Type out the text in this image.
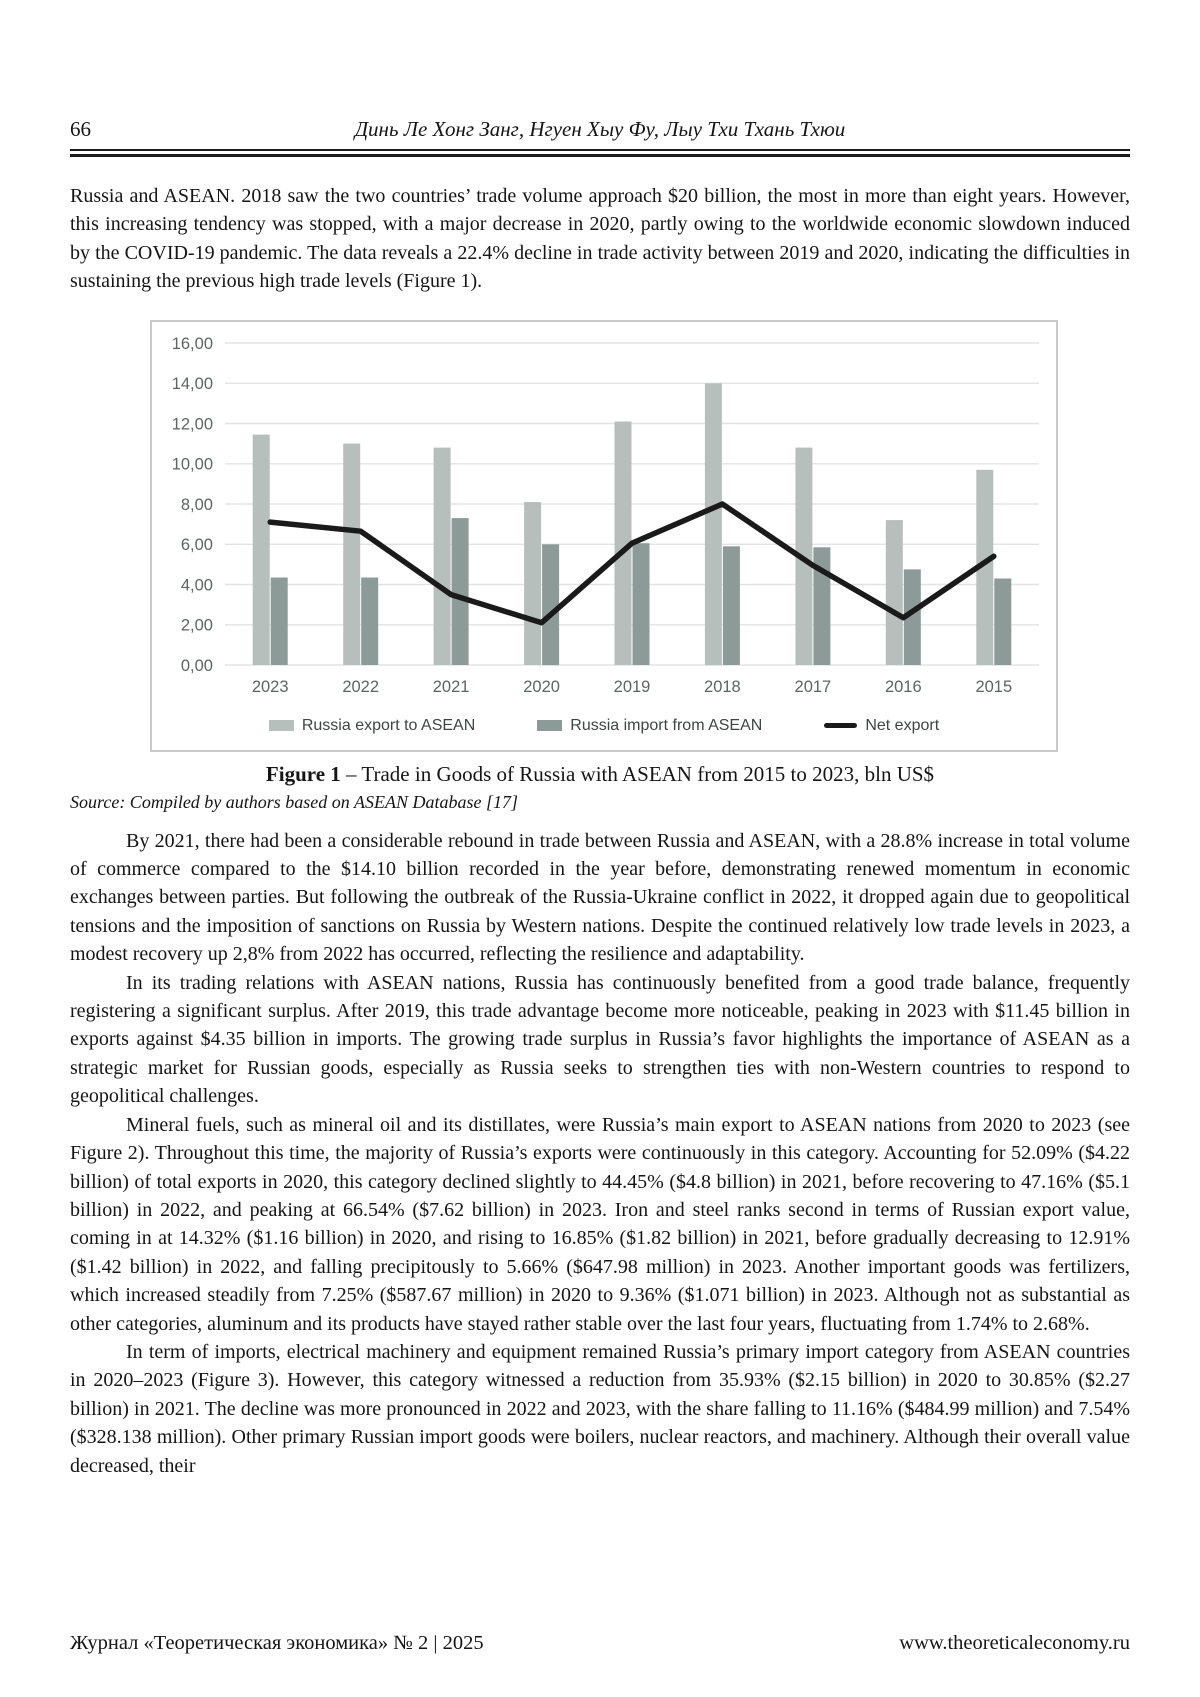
66	Динь Ле Хонг Занг, Нгуен Хыу Фу, Лыу Тхи Тхань Тхюи

Russia and ASEAN. 2018 saw the two countries’ trade volume approach $20 billion, the most in more than eight years. However, this increasing tendency was stopped, with a major decrease in 2020, partly owing to the worldwide economic slowdown induced by the COVID-19 pandemic. The data reveals a 22.4% decline in trade activity between 2019 and 2020, indicating the difficulties in sustaining the previous high trade levels (Figure 1).

0,00
2,00
4,00
6,00
8,00
10,00
12,00
14,00
16,00
2023	2022	2021	2020	2019	2018	2017	2016	2015
Russia export to ASEAN	Russia import from ASEAN	Net export
Figure 1 – Trade in Goods of Russia with ASEAN from 2015 to 2023, bln US$
Source: Compiled by authors based on ASEAN Database [17]

By 2021, there had been a considerable rebound in trade between Russia and ASEAN, with a 28.8% increase in total volume of commerce compared to the $14.10 billion recorded in the year before, demonstrating renewed momentum in economic exchanges between parties. But following the outbreak of the Russia-Ukraine conflict in 2022, it dropped again due to geopolitical tensions and the imposition of sanctions on Russia by Western nations. Despite the continued relatively low trade levels in 2023, a modest recovery up 2,8% from 2022 has occurred, reflecting the resilience and adaptability.

In its trading relations with ASEAN nations, Russia has continuously benefited from a good trade balance, frequently registering a significant surplus. After 2019, this trade advantage become more noticeable, peaking in 2023 with $11.45 billion in exports against $4.35 billion in imports. The growing trade surplus in Russia’s favor highlights the importance of ASEAN as a strategic market for Russian goods, especially as Russia seeks to strengthen ties with non-Western countries to respond to geopolitical challenges.

Mineral fuels, such as mineral oil and its distillates, were Russia’s main export to ASEAN nations from 2020 to 2023 (see Figure 2). Throughout this time, the majority of Russia’s exports were continuously in this category. Accounting for 52.09% ($4.22 billion) of total exports in 2020, this category declined slightly to 44.45% ($4.8 billion) in 2021, before recovering to 47.16% ($5.1 billion) in 2022, and peaking at 66.54% ($7.62 billion) in 2023. Iron and steel ranks second in terms of Russian export value, coming in at 14.32% ($1.16 billion) in 2020, and rising to 16.85% ($1.82 billion) in 2021, before gradually decreasing to 12.91% ($1.42 billion) in 2022, and falling precipitously to 5.66% ($647.98 million) in 2023. Another important goods was fertilizers, which increased steadily from 7.25% ($587.67 million) in 2020 to 9.36% ($1.071 billion) in 2023. Although not as substantial as other categories, aluminum and its products have stayed rather stable over the last four years, fluctuating from 1.74% to 2.68%.

In term of imports, electrical machinery and equipment remained Russia’s primary import category from ASEAN countries in 2020–2023 (Figure 3). However, this category witnessed a reduction from 35.93% ($2.15 billion) in 2020 to 30.85% ($2.27 billion) in 2021. The decline was more pronounced in 2022 and 2023, with the share falling to 11.16% ($484.99 million) and 7.54% ($328.138 million). Other primary Russian import goods were boilers, nuclear reactors, and machinery. Although their overall value decreased, their

Журнал «Теоретическая экономика» № 2 | 2025	www.theoreticaleconomy.ru
